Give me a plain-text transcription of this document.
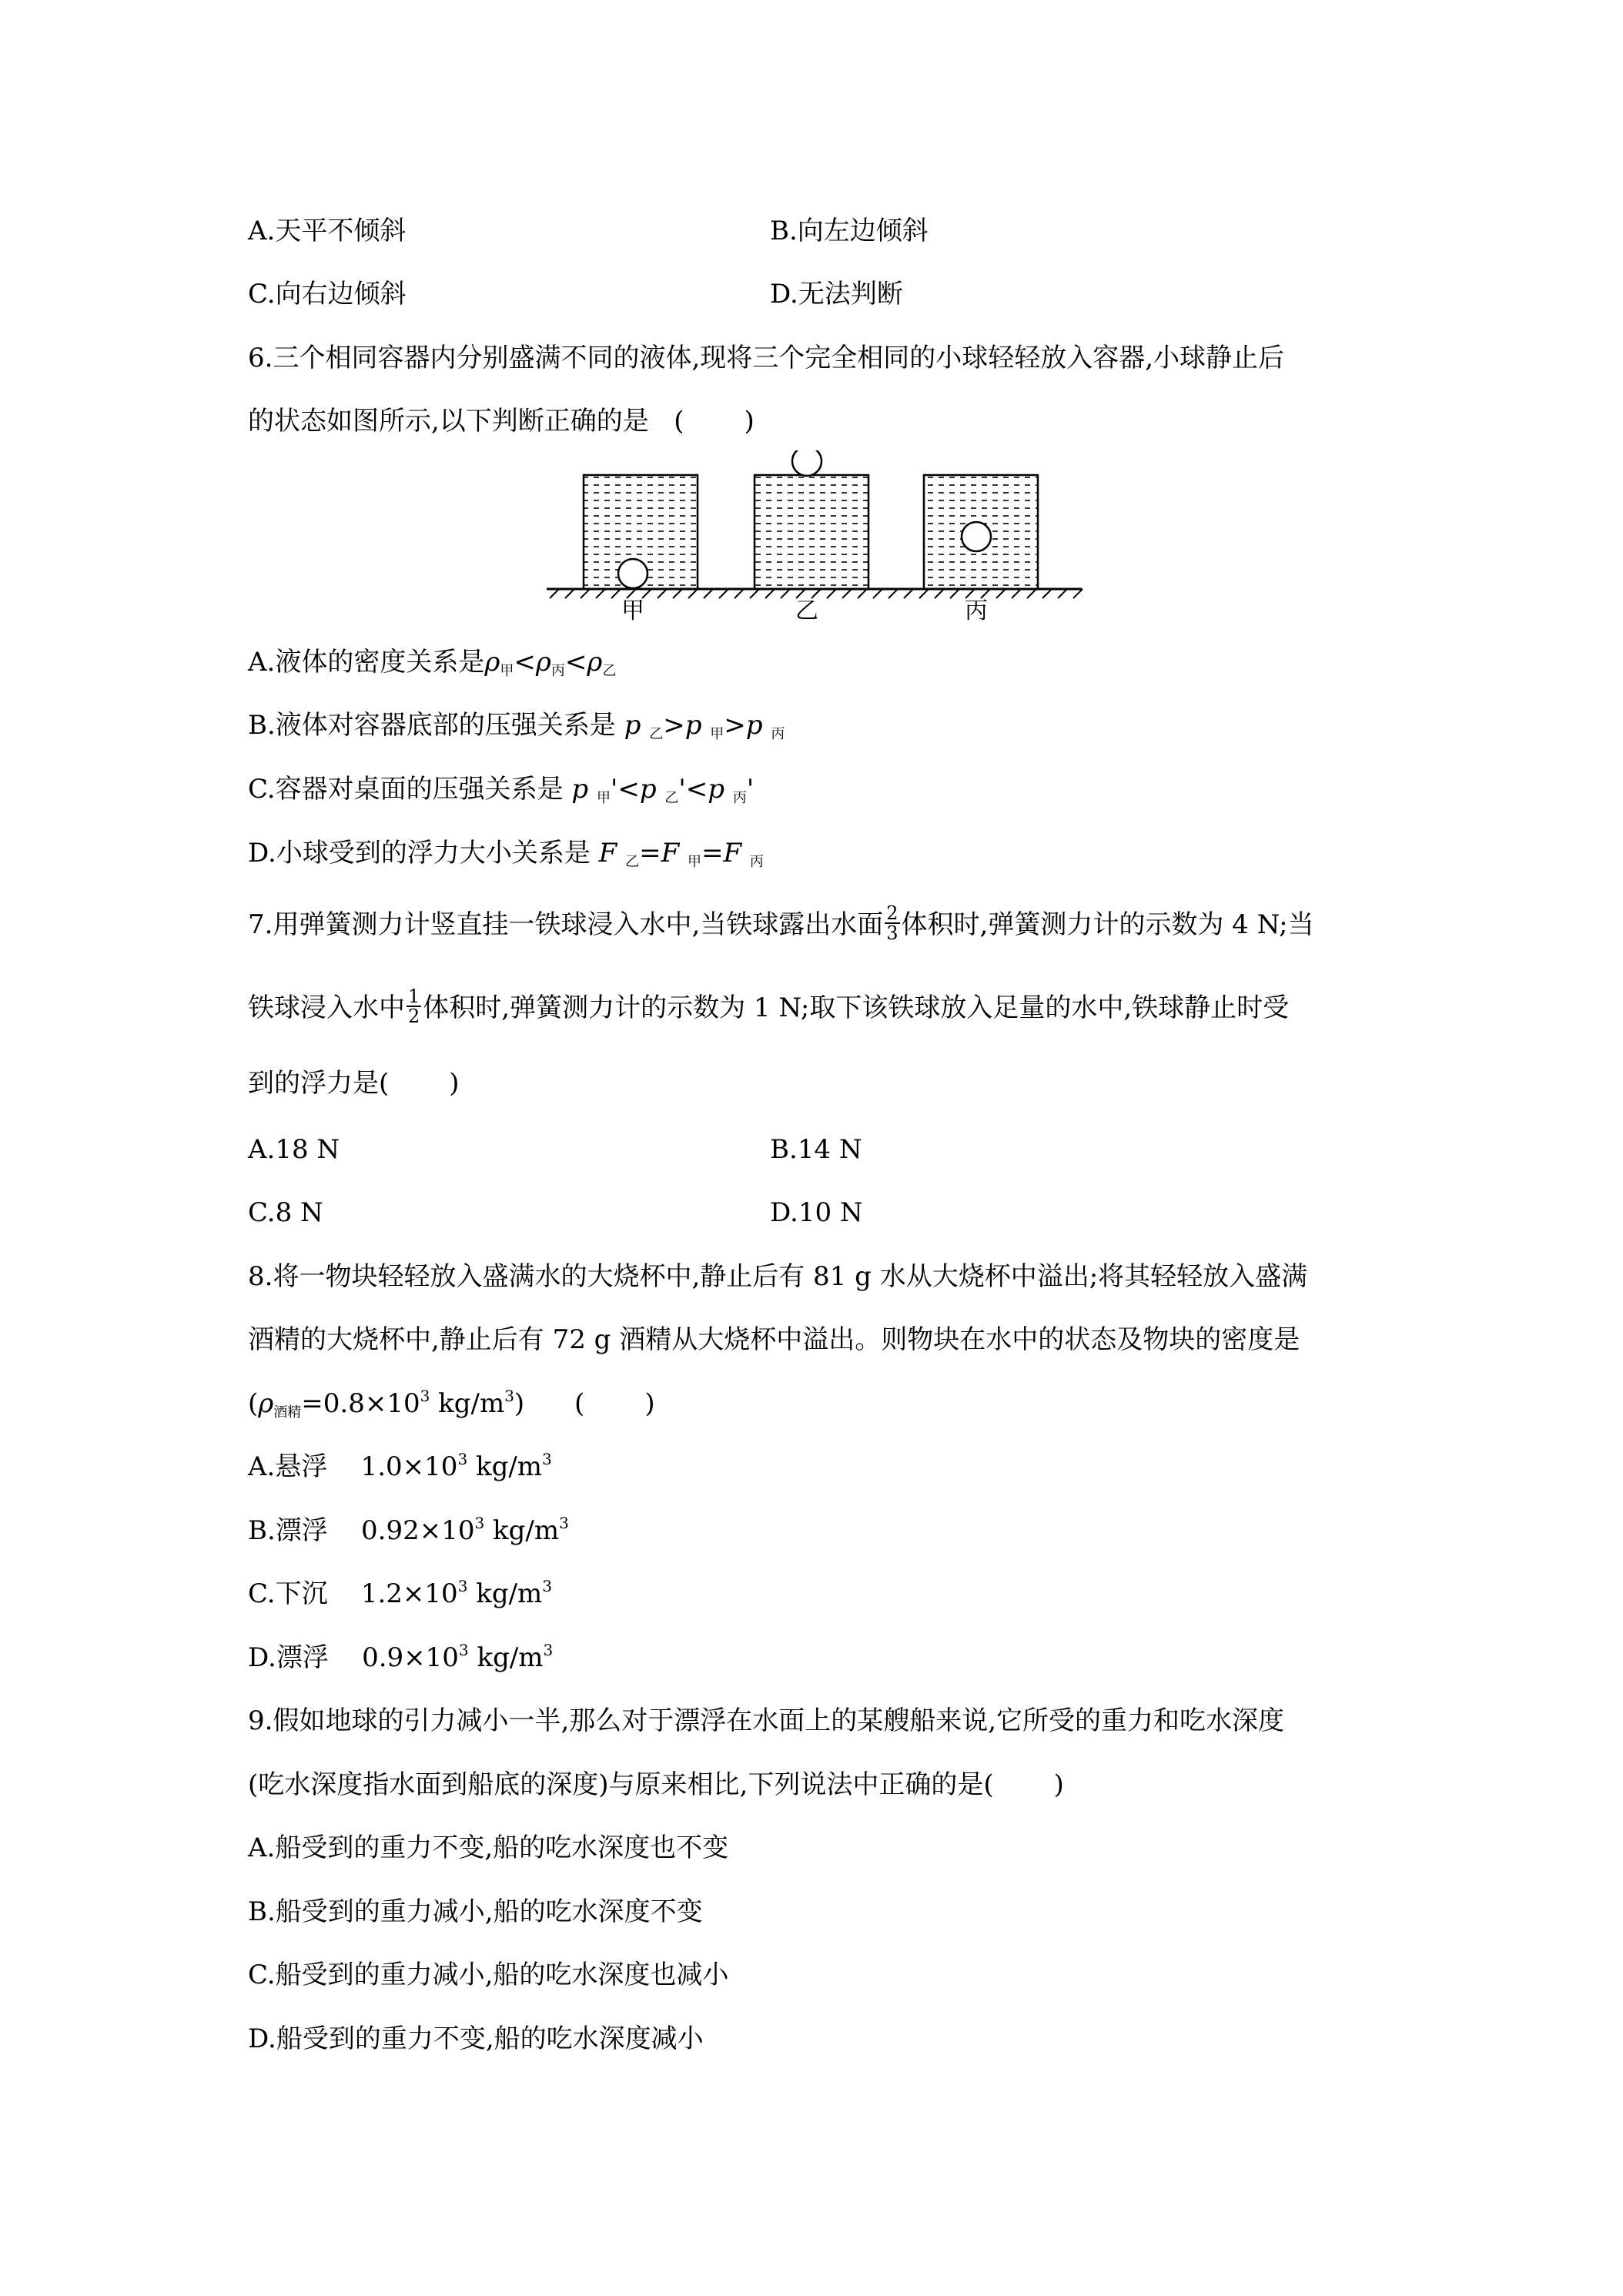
A.天平不倾斜	B.向左边倾斜
C.向右边倾斜	D.无法判断
6.三个相同容器内分别盛满不同的液体,现将三个完全相同的小球轻轻放入容器,小球静止后
的状态如图所示,以下判断正确的是 ( )
甲	乙	丙
A.液体的密度关系是$\rho_甲<\rho_丙<\rho_乙$
B.液体对容器底部的压强关系是 p $_乙$>p $_甲$>p $_丙$
C.容器对桌面的压强关系是 p $_甲$'<p $_乙$'<p $_丙$'
D.小球受到的浮力大小关系是 F $_乙$=F $_甲$=F $_丙$
7.用弹簧测力计竖直挂一铁球浸入水中,当铁球露出水面 $\frac{2}{3}$ 体积时,弹簧测力计的示数为 4 N;当
铁球浸入水中 $\frac{1}{2}$ 体积时,弹簧测力计的示数为 1 N;取下该铁球放入足量的水中,铁球静止时受
到的浮力是( )
A.18 N	B.14 N
C.8 N	D.10 N
8.将一物块轻轻放入盛满水的大烧杯中,静止后有 81 g 水从大烧杯中溢出;将其轻轻放入盛满
酒精的大烧杯中,静止后有 72 g 酒精从大烧杯中溢出。则物块在水中的状态及物块的密度是
($\rho_{酒精}=0.8\times 10^3$ $kg/m^3$) ( )
A.悬浮 $1.0\times 10^3$ $kg/m^3$
B.漂浮 $0.92\times 10^3$ $kg/m^3$
C.下沉 $1.2\times 10^3$ $kg/m^3$
D.漂浮 $0.9\times 10^3$ $kg/m^3$
9.假如地球的引力减小一半,那么对于漂浮在水面上的某艘船来说,它所受的重力和吃水深度
(吃水深度指水面到船底的深度)与原来相比,下列说法中正确的是( )
A.船受到的重力不变,船的吃水深度也不变
B.船受到的重力减小,船的吃水深度不变
C.船受到的重力减小,船的吃水深度也减小
D.船受到的重力不变,船的吃水深度减小
